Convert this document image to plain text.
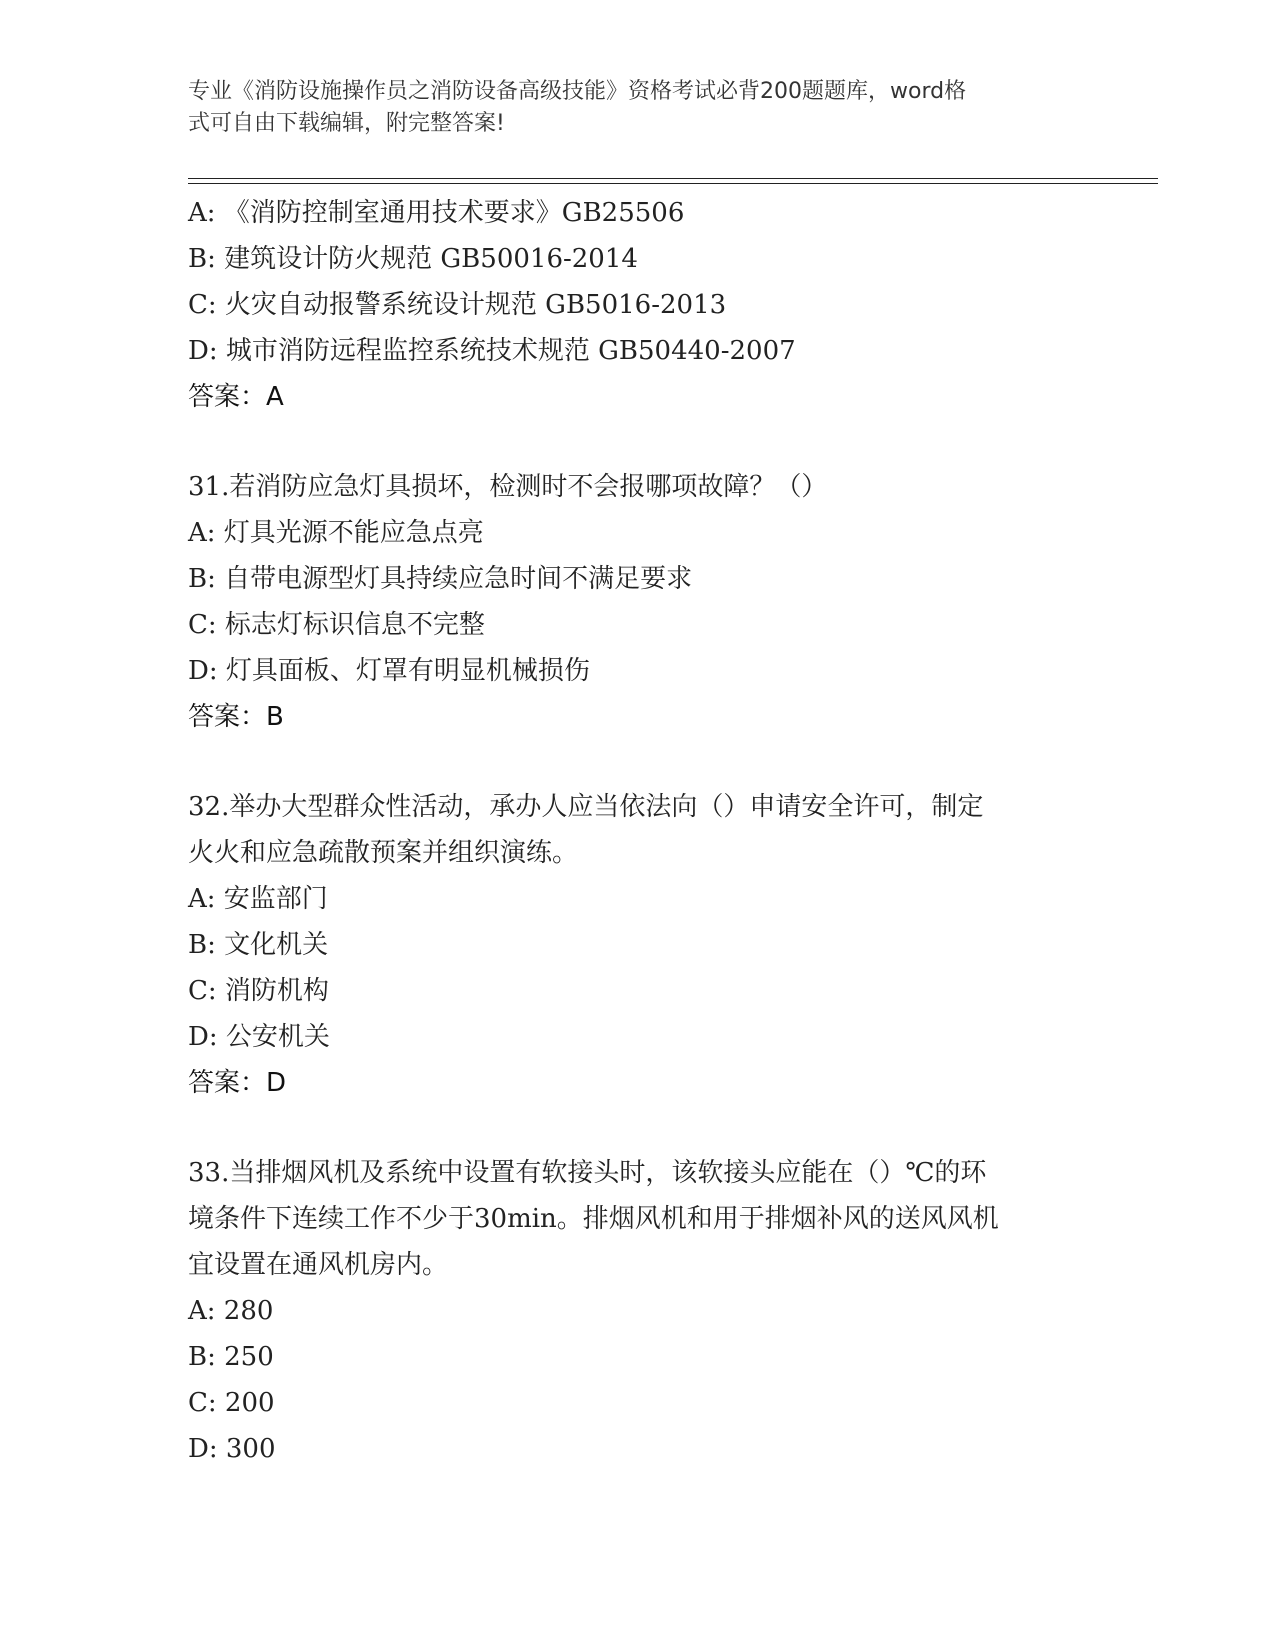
专业《消防设施操作员之消防设备高级技能》资格考试必背200题题库，word格
式可自由下载编辑，附完整答案!
A: 《消防控制室通用技术要求》GB25506
B: 建筑设计防火规范 GB50016-2014
C: 火灾自动报警系统设计规范 GB5016-2013
D: 城市消防远程监控系统技术规范 GB50440-2007
答案：A
31.若消防应急灯具损坏，检测时不会报哪项故障？（）
A: 灯具光源不能应急点亮
B: 自带电源型灯具持续应急时间不满足要求
C: 标志灯标识信息不完整
D: 灯具面板、灯罩有明显机械损伤
答案：B
32.举办大型群众性活动，承办人应当依法向（）申请安全许可，制定
火火和应急疏散预案并组织演练。
A: 安监部门
B: 文化机关
C: 消防机构
D: 公安机关
答案：D
33.当排烟风机及系统中设置有软接头时，该软接头应能在（）℃的环
境条件下连续工作不少于30min。排烟风机和用于排烟补风的送风风机
宜设置在通风机房内。
A: 280
B: 250
C: 200
D: 300
